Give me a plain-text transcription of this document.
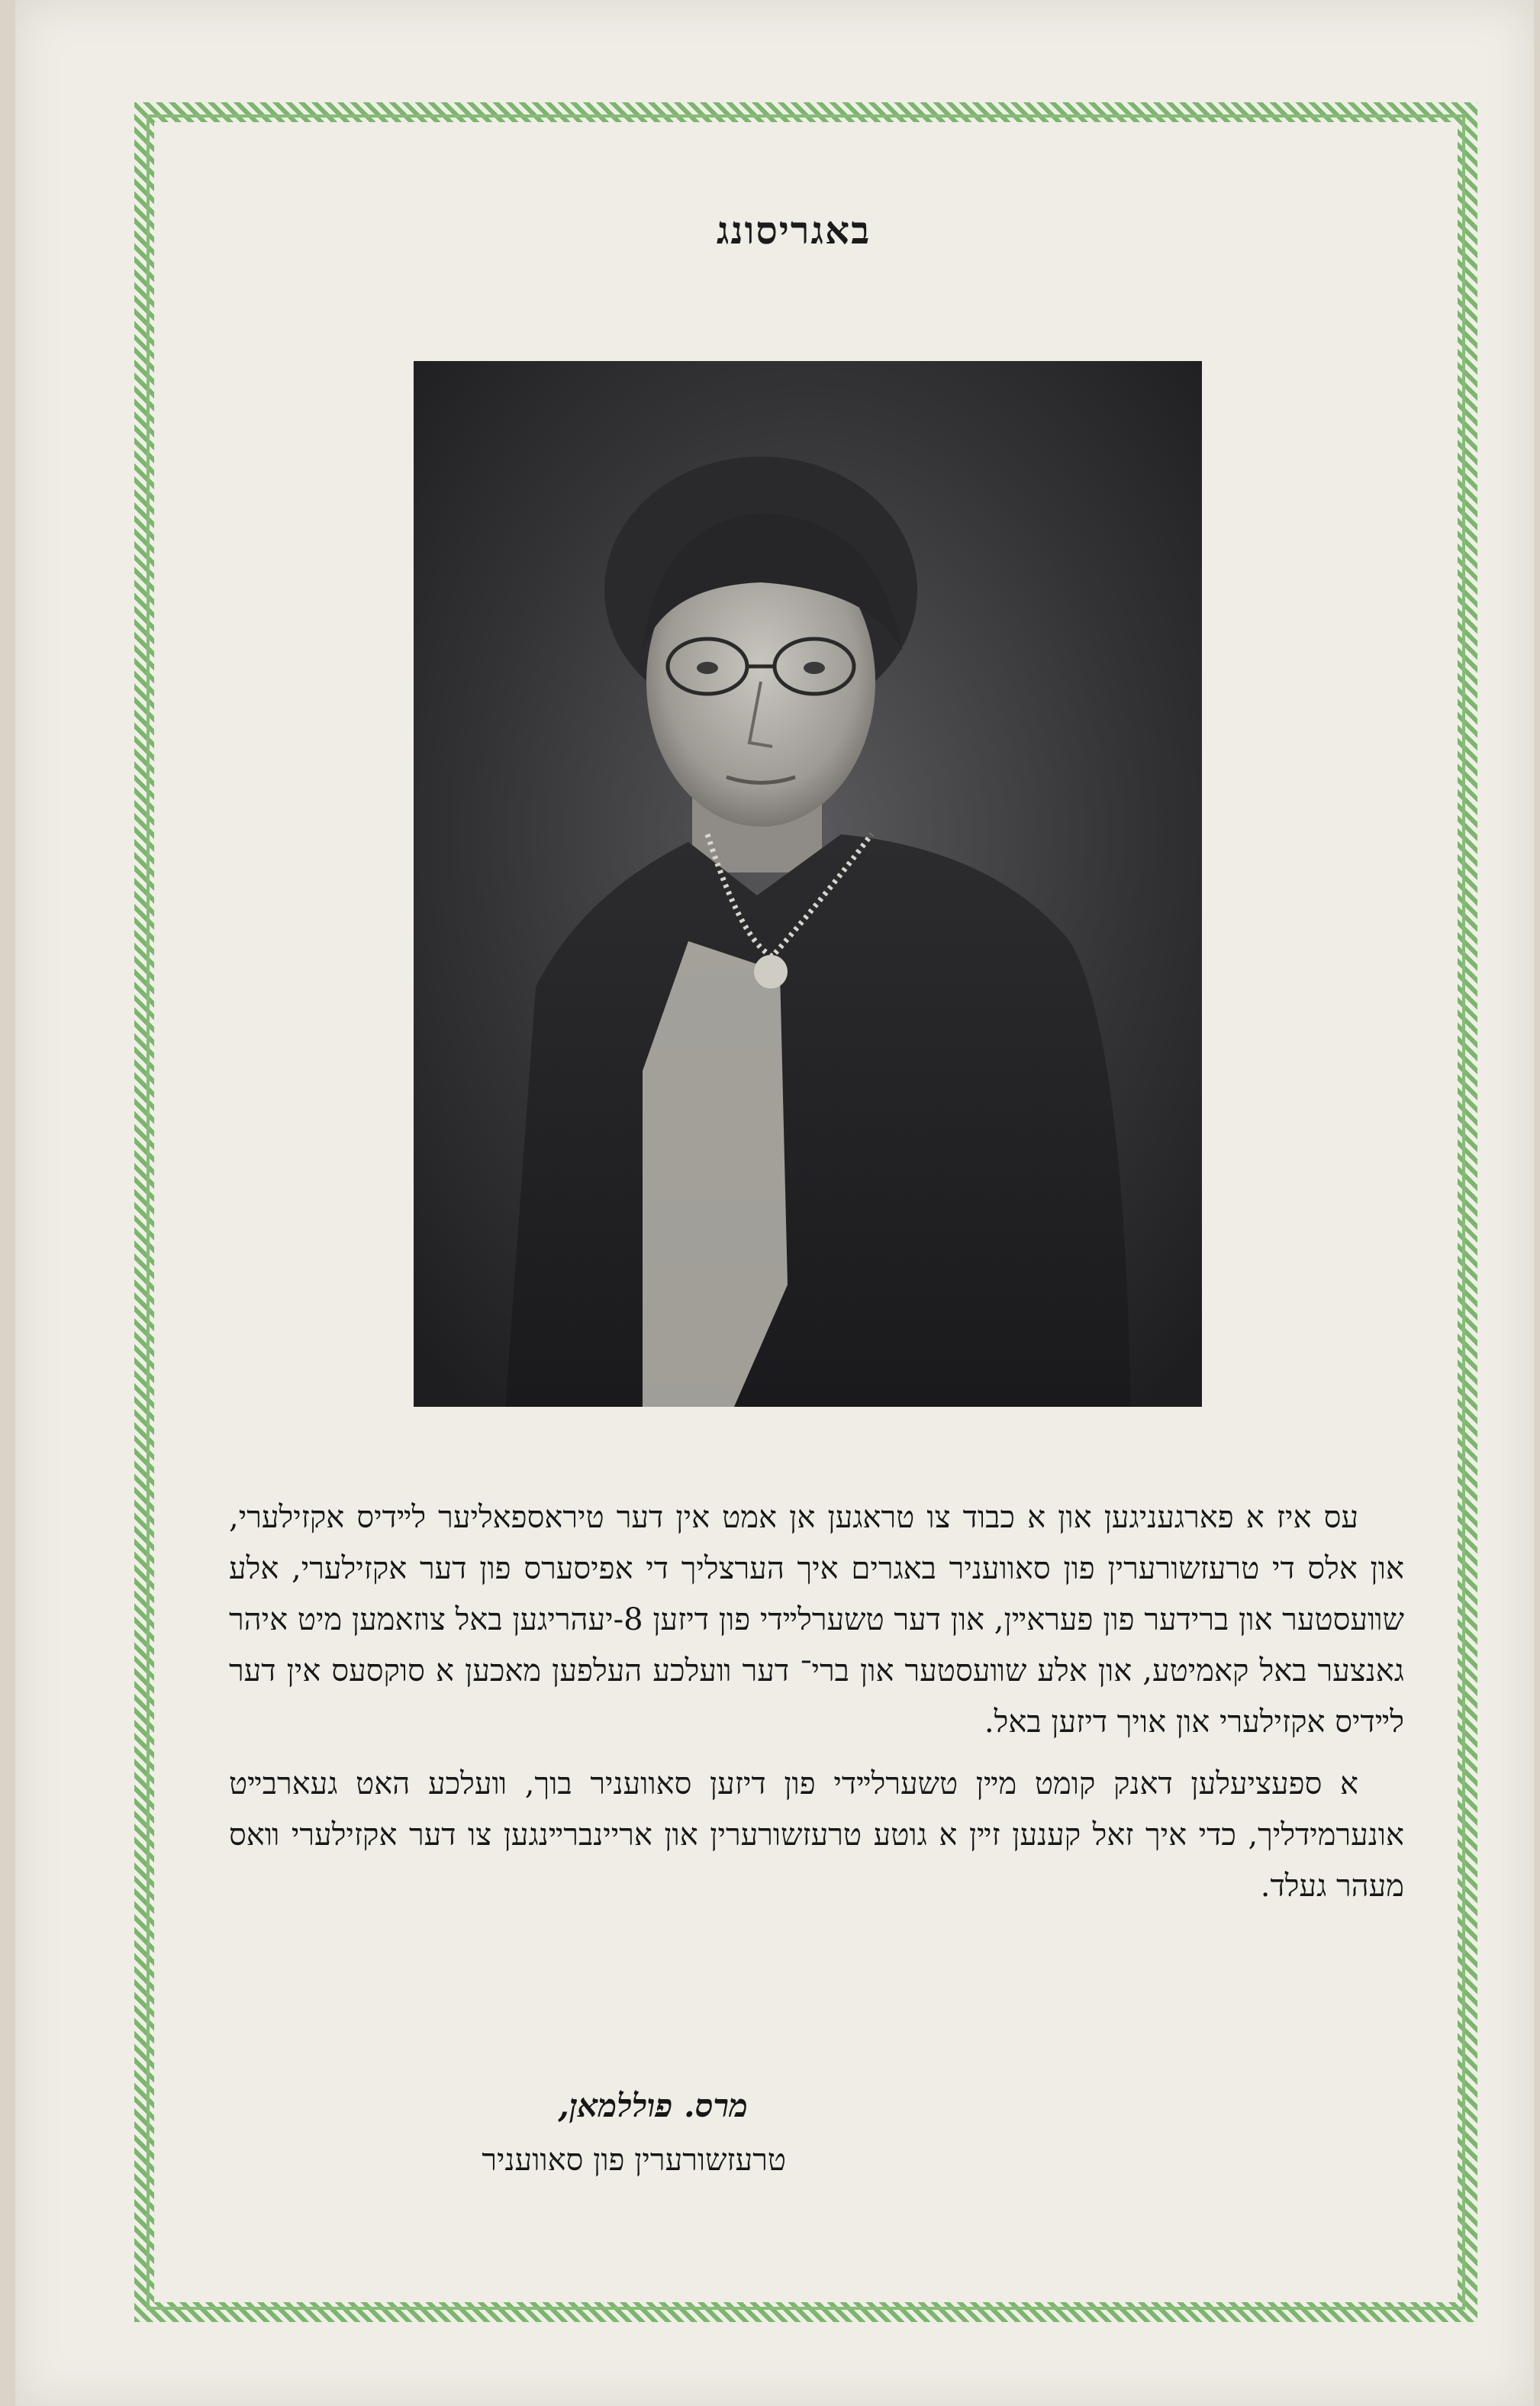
באגריסונג

עס איז א פארגעניגען און א כבוד צו טראגען אן אמט אין דער טיראספאליער לײדיס אקזילערי, און אלס די טרעזשורערין פון סאוועניר באגרים איך הערצליך די אפיסערס פון דער אקזילערי, אלע שװעסטער און ברידער פון פעראײן, און דער טשערלײדי פון דיזען 8-יעהריגען באל צוזאמען מיט איהר גאנצער באל קאמיטע, און אלע שװעסטער און ברי־ דער װעלכע העלפען מאכען א סוקסעס אין דער לײדיס אקזילערי און אויך דיזען באל.

א ספעציעלען דאנק קומט מײן טשערלײדי פון דיזען סאוועניר בוך, װעלכע האט געארבײט אונערמידליך, כדי איך זאל קענען זײן א גוטע טרעזשורערין און אריינברײנגען צו דער אקזילערי װאס מעהר געלד.

מרס. פוללמאן,
טרעזשורערין פון סאוועניר
